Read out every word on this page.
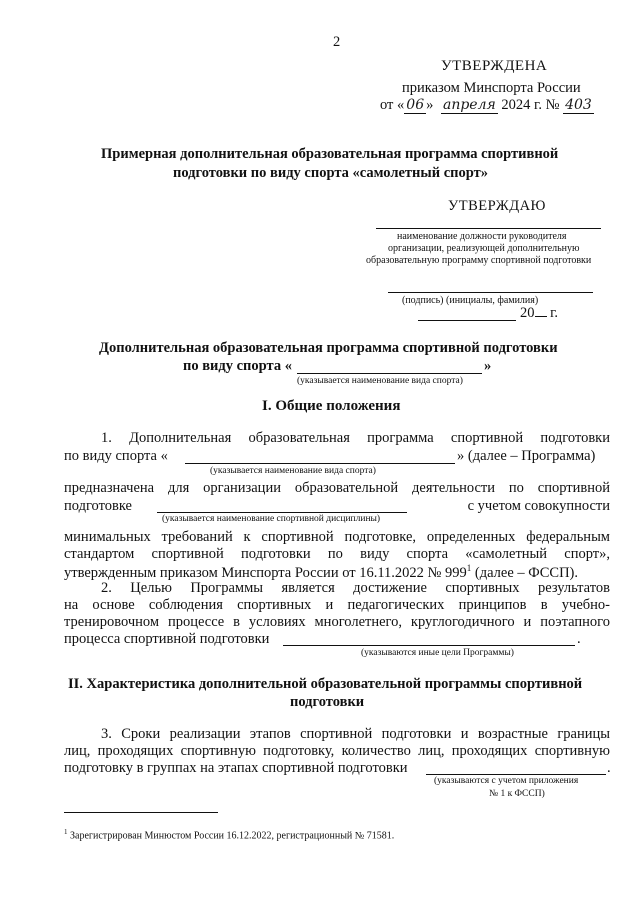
2
УТВЕРЖДЕНА
приказом Минспорта России
от « 06 » апреля 2024 г. № 403
Примерная дополнительная образовательная программа спортивной
подготовки по виду спорта «самолетный спорт»
УТВЕРЖДАЮ
наименование должности руководителя
организации, реализующей дополнительную
образовательную программу спортивной подготовки
(подпись) (инициалы, фамилия)
20 г.
Дополнительная образовательная программа спортивной подготовки
по виду спорта «	»
(указывается наименование вида спорта)
I. Общие положения
1. Дополнительная образовательная программа спортивной подготовки
по виду спорта «	» (далее – Программа)
(указывается наименование вида спорта)
предназначена для организации образовательной деятельности по спортивной
подготовке	с учетом совокупности
(указывается наименование спортивной дисциплины)
минимальных требований к спортивной подготовке, определенных федеральным
стандартом спортивной подготовки по виду спорта «самолетный спорт»,
утвержденным приказом Минспорта России от 16.11.2022 № $999^1$ (далее – ФССП).
2. Целью Программы является достижение спортивных результатов
на основе соблюдения спортивных и педагогических принципов в учебно-
тренировочном процессе в условиях многолетнего, круглогодичного и поэтапного
процесса спортивной подготовки	.
(указываются иные цели Программы)
II. Характеристика дополнительной образовательной программы спортивной
подготовки
3. Сроки реализации этапов спортивной подготовки и возрастные границы
лиц, проходящих спортивную подготовку, количество лиц, проходящих спортивную
подготовку в группах на этапах спортивной подготовки	.
(указываются с учетом приложения
№ 1 к ФССП)
$^1$ Зарегистрирован Минюстом России 16.12.2022, регистрационный № 71581.
